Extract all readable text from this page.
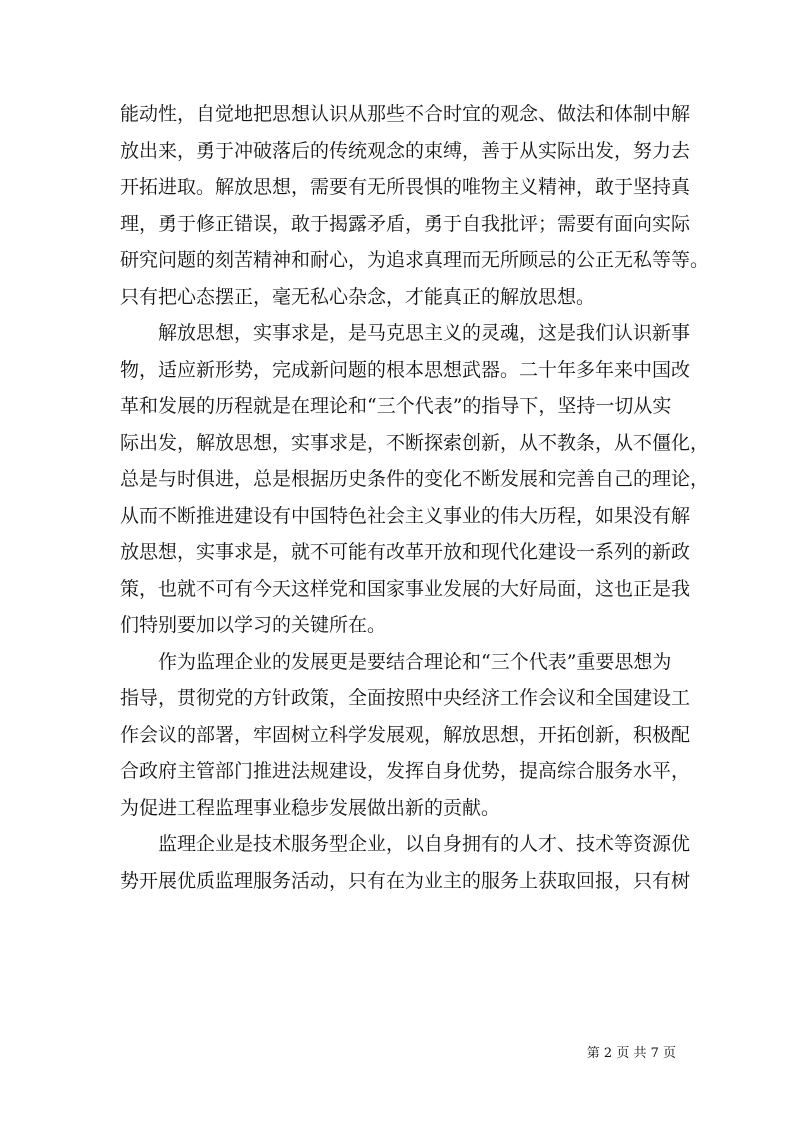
能动性，自觉地把思想认识从那些不合时宜的观念、做法和体制中解
放出来，勇于冲破落后的传统观念的束缚，善于从实际出发，努力去
开拓进取。解放思想，需要有无所畏惧的唯物主义精神，敢于坚持真
理，勇于修正错误，敢于揭露矛盾，勇于自我批评；需要有面向实际
研究问题的刻苦精神和耐心，为追求真理而无所顾忌的公正无私等等。
只有把心态摆正，毫无私心杂念，才能真正的解放思想。
解放思想，实事求是，是马克思主义的灵魂，这是我们认识新事
物，适应新形势，完成新问题的根本思想武器。二十年多年来中国改
革和发展的历程就是在理论和“三个代表”的指导下，坚持一切从实
际出发，解放思想，实事求是，不断探索创新，从不教条，从不僵化，
总是与时俱进，总是根据历史条件的变化不断发展和完善自己的理论，
从而不断推进建设有中国特色社会主义事业的伟大历程，如果没有解
放思想，实事求是，就不可能有改革开放和现代化建设一系列的新政
策，也就不可有今天这样党和国家事业发展的大好局面，这也正是我
们特别要加以学习的关键所在。
作为监理企业的发展更是要结合理论和“三个代表”重要思想为
指导，贯彻党的方针政策，全面按照中央经济工作会议和全国建设工
作会议的部署，牢固树立科学发展观，解放思想，开拓创新，积极配
合政府主管部门推进法规建设，发挥自身优势，提高综合服务水平，
为促进工程监理事业稳步发展做出新的贡献。
监理企业是技术服务型企业，以自身拥有的人才、技术等资源优
势开展优质监理服务活动，只有在为业主的服务上获取回报，只有树
第 2 页 共 7 页
